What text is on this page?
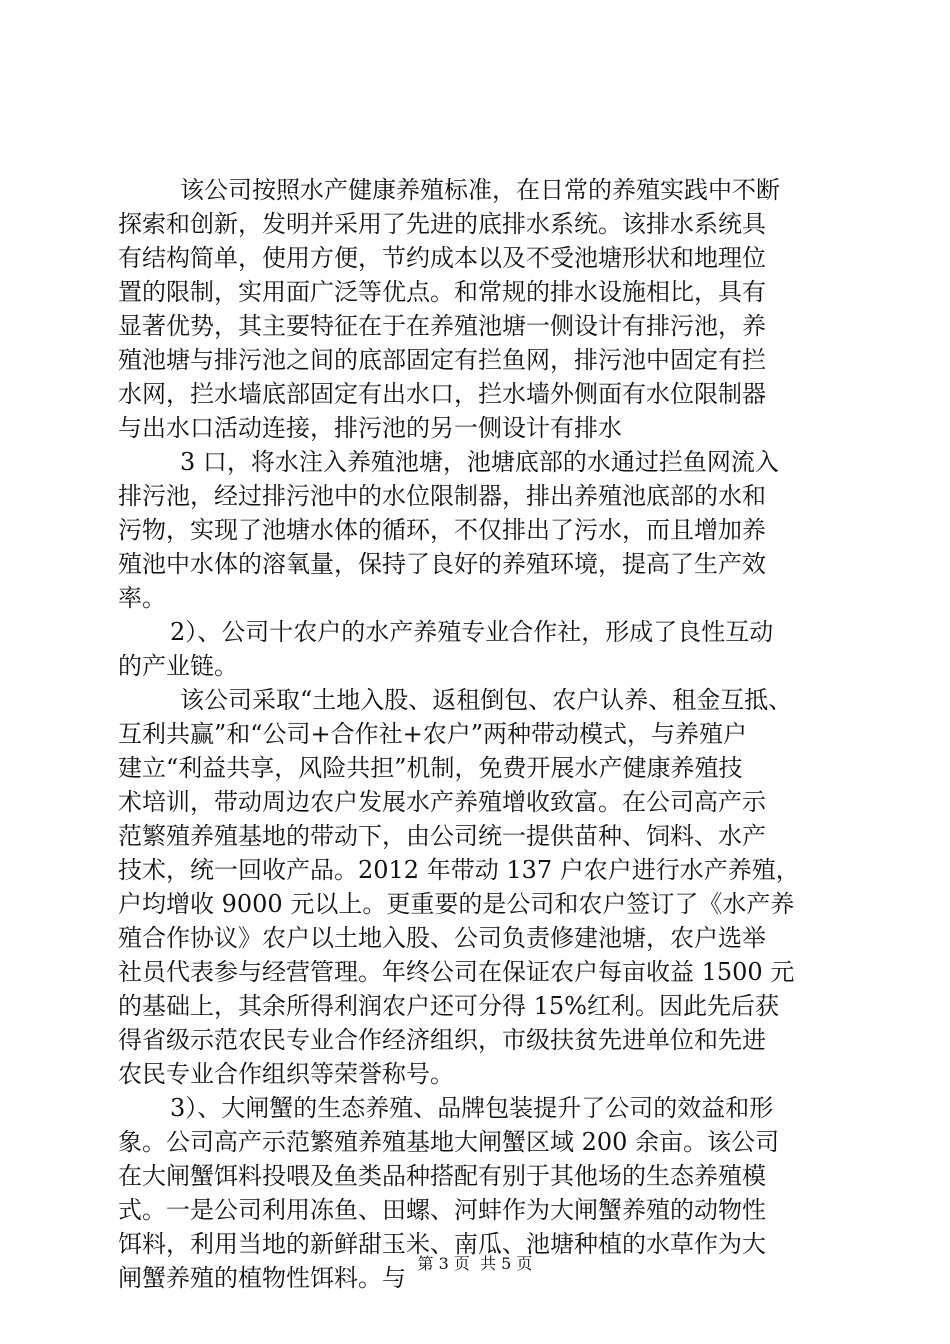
该公司按照水产健康养殖标准，在日常的养殖实践中不断
探索和创新，发明并采用了先进的底排水系统。该排水系统具
有结构简单，使用方便，节约成本以及不受池塘形状和地理位
置的限制，实用面广泛等优点。和常规的排水设施相比，具有
显著优势，其主要特征在于在养殖池塘一侧设计有排污池，养
殖池塘与排污池之间的底部固定有拦鱼网，排污池中固定有拦
水网，拦水墙底部固定有出水口，拦水墙外侧面有水位限制器
与出水口活动连接，排污池的另一侧设计有排水
3 口，将水注入养殖池塘，池塘底部的水通过拦鱼网流入
排污池，经过排污池中的水位限制器，排出养殖池底部的水和
污物，实现了池塘水体的循环，不仅排出了污水，而且增加养
殖池中水体的溶氧量，保持了良好的养殖环境，提高了生产效
率。
2）、公司十农户的水产养殖专业合作社，形成了良性互动
的产业链。
该公司采取“土地入股、返租倒包、农户认养、租金互抵、
互利共赢”和“公司+合作社+农户”两种带动模式，与养殖户
建立“利益共享，风险共担”机制，免费开展水产健康养殖技
术培训，带动周边农户发展水产养殖增收致富。在公司高产示
范繁殖养殖基地的带动下，由公司统一提供苗种、饲料、水产
技术，统一回收产品。2012 年带动 137 户农户进行水产养殖，
户均增收 9000 元以上。更重要的是公司和农户签订了《水产养
殖合作协议》农户以土地入股、公司负责修建池塘，农户选举
社员代表参与经营管理。年终公司在保证农户每亩收益 1500 元
的基础上，其余所得利润农户还可分得 15%红利。因此先后获
得省级示范农民专业合作经济组织，市级扶贫先进单位和先进
农民专业合作组织等荣誉称号。
3）、大闸蟹的生态养殖、品牌包装提升了公司的效益和形
象。公司高产示范繁殖养殖基地大闸蟹区域 200 余亩。该公司
在大闸蟹饵料投喂及鱼类品种搭配有别于其他场的生态养殖模
式。一是公司利用冻鱼、田螺、河蚌作为大闸蟹养殖的动物性
饵料，利用当地的新鲜甜玉米、南瓜、池塘种植的水草作为大
闸蟹养殖的植物性饵料。与
第 3 页  共 5 页
